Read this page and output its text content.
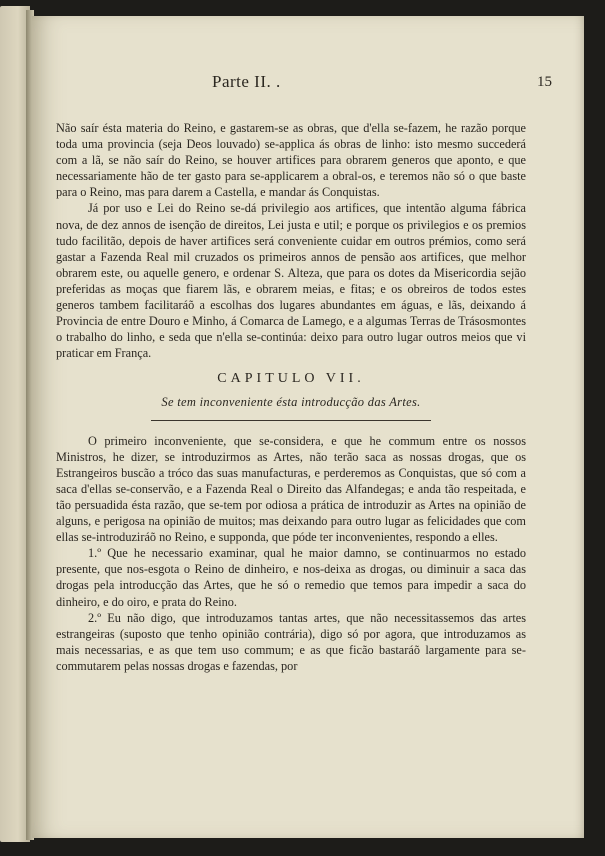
Parte II. .	15

Não saír ésta materia do Reino, e gastarem-se as obras, que d'ella se-fazem, he razão porque toda uma provincia (seja Deos louvado) se-applica ás obras de linho: isto mesmo succederá com a lã, se não saír do Reino, se houver artifices para obrarem generos que aponto, e que necessariamente hão de ter gasto para se-applicarem a obral-os, e teremos não só o que baste para o Reino, mas para darem a Castella, e mandar ás Conquistas.

Já por uso e Lei do Reino se-dá privilegio aos artifices, que intentão alguma fábrica nova, de dez annos de isenção de direitos, Lei justa e util; e porque os privilegios e os premios tudo facilitão, depois de haver artifices será conveniente cuidar em outros prémios, como será gastar a Fazenda Real mil cruzados os primeiros annos de pensão aos artifices, que melhor obrarem este, ou aquelle genero, e ordenar S. Alteza, que para os dotes da Misericordia sejão preferidas as moças que fiarem lãs, e obrarem meias, e fitas; e os obreiros de todos estes generos tambem facilitaráõ a escolhas dos lugares abundantes em águas, e lãs, deixando á Provincia de entre Douro e Minho, á Comarca de Lamego, e a algumas Terras de Trásosmontes o trabalho do linho, e seda que n'ella se-continúa: deixo para outro lugar outros meios que vi praticar em França.

CAPITULO VII.
Se tem inconveniente ésta introducção das Artes.

O primeiro inconveniente, que se-considera, e que he commum entre os nossos Ministros, he dizer, se introduzirmos as Artes, não terão saca as nossas drogas, que os Estrangeiros buscão a tróco das suas manufacturas, e perderemos as Conquistas, que só com a saca d'ellas se-conservão, e a Fazenda Real o Direito das Alfandegas; e anda tão respeitada, e tão persuadida ésta razão, que se-tem por odiosa a prática de introduzir as Artes na opinião de alguns, e perigosa na opinião de muitos; mas deixando para outro lugar as felicidades que com ellas se-introduziráõ no Reino, e supponda, que póde ter inconvenientes, respondo a elles.

1.º Que he necessario examinar, qual he maior damno, se continuarmos no estado presente, que nos-esgota o Reino de dinheiro, e nos-deixa as drogas, ou diminuir a saca das drogas pela introducção das Artes, que he só o remedio que temos para impedir a saca do dinheiro, e do oiro, e prata do Reino.

2.º Eu não digo, que introduzamos tantas artes, que não necessitassemos das artes estrangeiras (suposto que tenho opinião contrária), digo só por agora, que introduzamos as mais necessarias, e as que tem uso commum; e as que ficão bastaráõ largamente para se-commutarem pelas nossas drogas e fazendas, por
